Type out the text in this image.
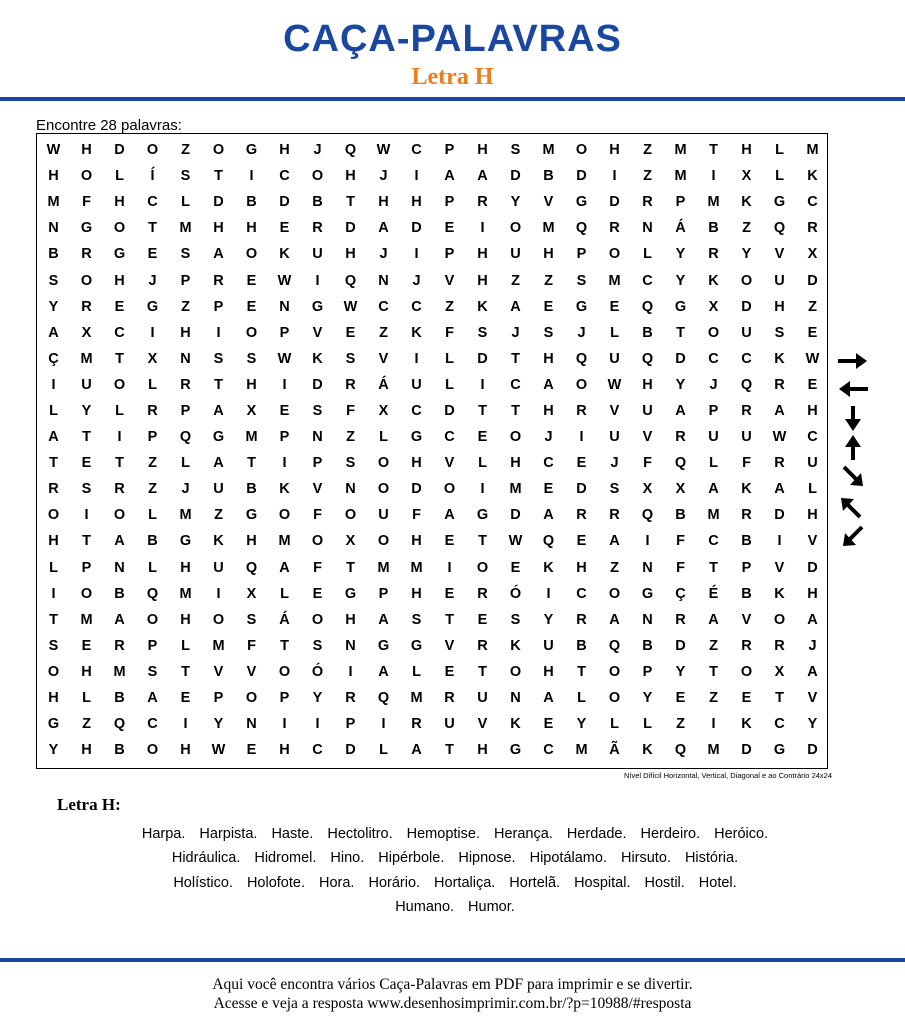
CAÇA-PALAVRAS
Letra H
Encontre 28 palavras:
W	H	D	O	Z	O	G	H	J	Q	W	C	P	H	S	M	O	H	Z	M	T	H	L	M
H	O	L	Í	S	T	I	C	O	H	J	I	A	A	D	B	D	I	Z	M	I	X	L	K
M	F	H	C	L	D	B	D	B	T	H	H	P	R	Y	V	G	D	R	P	M	K	G	C
N	G	O	T	M	H	H	E	R	D	A	D	E	I	O	M	Q	R	N	Á	B	Z	Q	R
B	R	G	E	S	A	O	K	U	H	J	I	P	H	U	H	P	O	L	Y	R	Y	V	X
S	O	H	J	P	R	E	W	I	Q	N	J	V	H	Z	Z	S	M	C	Y	K	O	U	D
Y	R	E	G	Z	P	E	N	G	W	C	C	Z	K	A	E	G	E	Q	G	X	D	H	Z
A	X	C	I	H	I	O	P	V	E	Z	K	F	S	J	S	J	L	B	T	O	U	S	E
Ç	M	T	X	N	S	S	W	K	S	V	I	L	D	T	H	Q	U	Q	D	C	C	K	W
I	U	O	L	R	T	H	I	D	R	Á	U	L	I	C	A	O	W	H	Y	J	Q	R	E
L	Y	L	R	P	A	X	E	S	F	X	C	D	T	T	H	R	V	U	A	P	R	A	H
A	T	I	P	Q	G	M	P	N	Z	L	G	C	E	O	J	I	U	V	R	U	U	W	C
T	E	T	Z	L	A	T	I	P	S	O	H	V	L	H	C	E	J	F	Q	L	F	R	U
R	S	R	Z	J	U	B	K	V	N	O	D	O	I	M	E	D	S	X	X	A	K	A	L
O	I	O	L	M	Z	G	O	F	O	U	F	A	G	D	A	R	R	Q	B	M	R	D	H
H	T	A	B	G	K	H	M	O	X	O	H	E	T	W	Q	E	A	I	F	C	B	I	V
L	P	N	L	H	U	Q	A	F	T	M	M	I	O	E	K	H	Z	N	F	T	P	V	D
I	O	B	Q	M	I	X	L	E	G	P	H	E	R	Ó	I	C	O	G	Ç	É	B	K	H
T	M	A	O	H	O	S	Á	O	H	A	S	T	E	S	Y	R	A	N	R	A	V	O	A
S	E	R	P	L	M	F	T	S	N	G	G	V	R	K	U	B	Q	B	D	Z	R	R	J
O	H	M	S	T	V	V	O	Ó	I	A	L	E	T	O	H	T	O	P	Y	T	O	X	A
H	L	B	A	E	P	O	P	Y	R	Q	M	R	U	N	A	L	O	Y	E	Z	E	T	V
G	Z	Q	C	I	Y	N	I	I	P	I	R	U	V	K	E	Y	L	L	Z	I	K	C	Y
Y	H	B	O	H	W	E	H	C	D	L	A	T	H	G	C	M	Ã	K	Q	M	D	G	D
Nível Difícil Horizontal, Vertical, Diagonal e ao Contrário 24x24
Letra H:
Harpa. Harpista. Haste. Hectolitro. Hemoptise. Herança. Herdade. Herdeiro. Heróico.
Hidráulica. Hidromel. Hino. Hipérbole. Hipnose. Hipotálamo. Hirsuto. História.
Holístico. Holofote. Hora. Horário. Hortaliça. Hortelã. Hospital. Hostil. Hotel.
Humano. Humor.
Aqui você encontra vários Caça-Palavras em PDF para imprimir e se divertir.
Acesse e veja a resposta www.desenhosimprimir.com.br/?p=10988/#resposta
